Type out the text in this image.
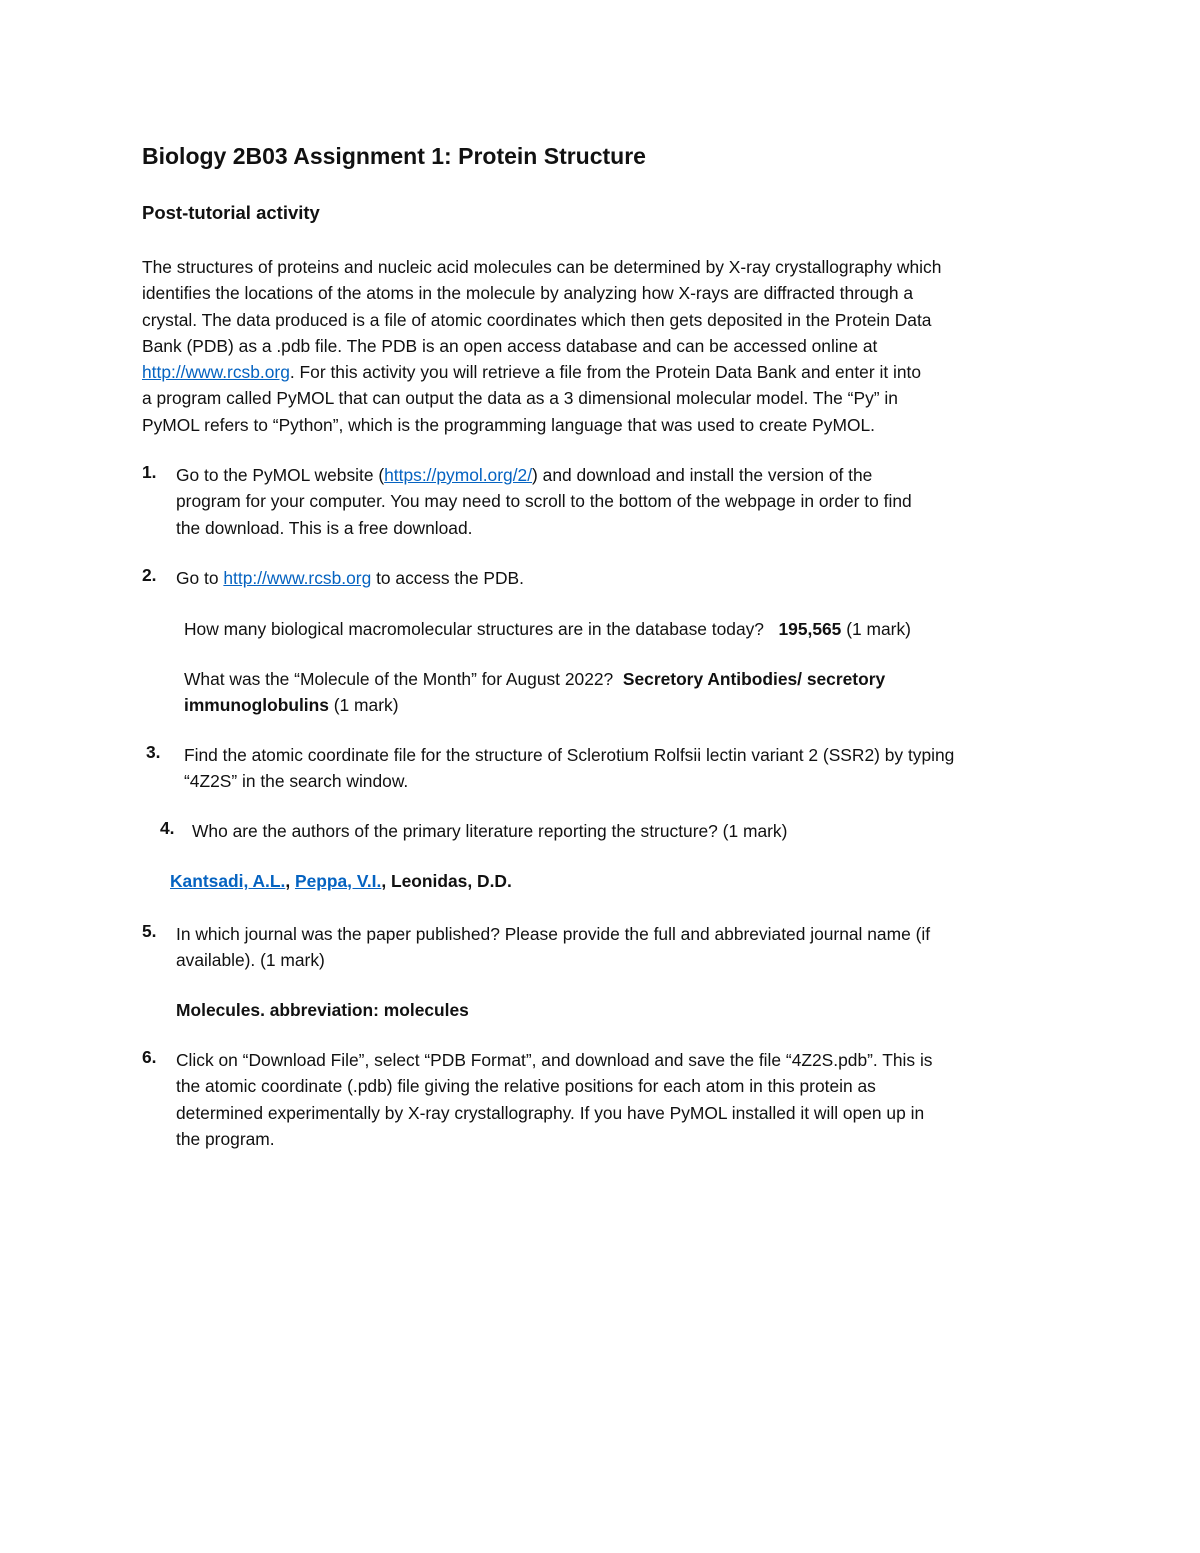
Biology 2B03 Assignment 1: Protein Structure
Post-tutorial activity

The structures of proteins and nucleic acid molecules can be determined by X-ray crystallography which
identifies the locations of the atoms in the molecule by analyzing how X-rays are diffracted through a
crystal. The data produced is a file of atomic coordinates which then gets deposited in the Protein Data
Bank (PDB) as a .pdb file. The PDB is an open access database and can be accessed online at
http://www.rcsb.org. For this activity you will retrieve a file from the Protein Data Bank and enter it into
a program called PyMOL that can output the data as a 3 dimensional molecular model. The “Py” in
PyMOL refers to “Python”, which is the programming language that was used to create PyMOL.

1. Go to the PyMOL website (https://pymol.org/2/) and download and install the version of the
program for your computer. You may need to scroll to the bottom of the webpage in order to find
the download. This is a free download.

2. Go to http://www.rcsb.org to access the PDB.

How many biological macromolecular structures are in the database today? 195,565 (1 mark)

What was the “Molecule of the Month” for August 2022? Secretory Antibodies/ secretory
immunoglobulins (1 mark)

3. Find the atomic coordinate file for the structure of Sclerotium Rolfsii lectin variant 2 (SSR2) by typing
“4Z2S” in the search window.

4. Who are the authors of the primary literature reporting the structure? (1 mark)

Kantsadi, A.L., Peppa, V.I., Leonidas, D.D.

5. In which journal was the paper published? Please provide the full and abbreviated journal name (if
available). (1 mark)

Molecules. abbreviation: molecules

6. Click on “Download File”, select “PDB Format”, and download and save the file “4Z2S.pdb”. This is
the atomic coordinate (.pdb) file giving the relative positions for each atom in this protein as
determined experimentally by X-ray crystallography. If you have PyMOL installed it will open up in
the program.
